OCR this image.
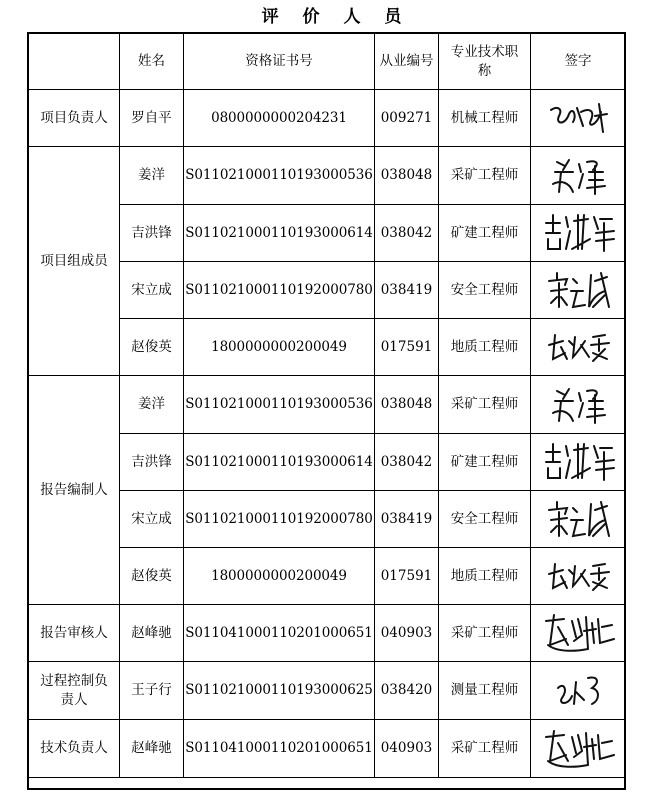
评 价 人 员
	姓名	资格证书号	从业编号	专业技术职称	签字
项目负责人	罗自平	0800000000204231	009271	机械工程师	

项目组成员	姜洋	S011021000110193000536	038048	采矿工程师	

	吉洪锋	S011021000110193000614	038042	矿建工程师	

	宋立成	S011021000110192000780	038419	安全工程师	

	赵俊英	1800000000200049	017591	地质工程师	

报告编制人	姜洋	S011021000110193000536	038048	采矿工程师	

	吉洪锋	S011021000110193000614	038042	矿建工程师	

	宋立成	S011021000110192000780	038419	安全工程师	

	赵俊英	1800000000200049	017591	地质工程师	

报告审核人	赵峰驰	S011041000110201000651	040903	采矿工程师	

过程控制负责人	王子行	S011021000110193000625	038420	测量工程师	

技术负责人	赵峰驰	S011041000110201000651	040903	采矿工程师	
